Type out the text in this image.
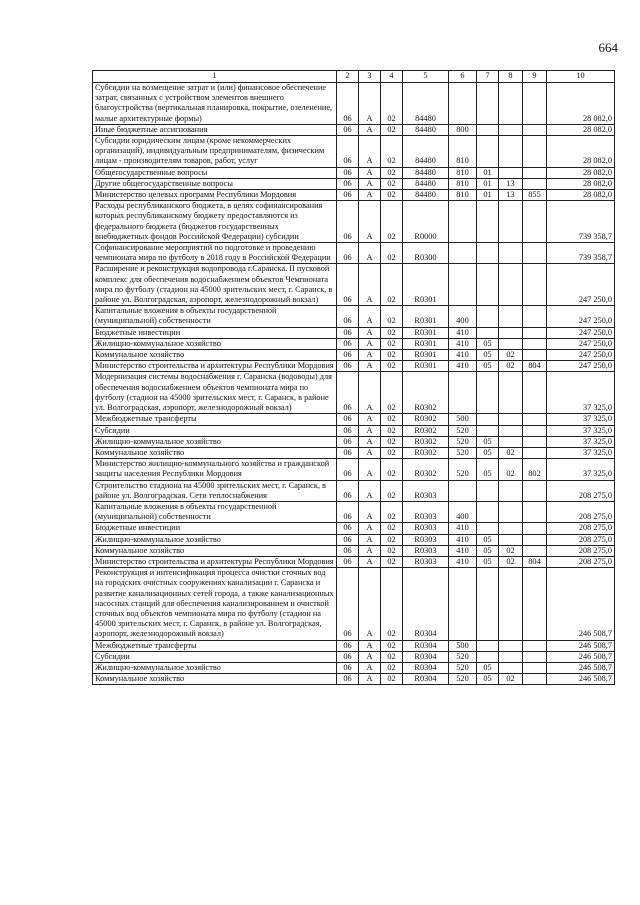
664
1	2	3	4	5	6	7	8	9	10
Субсидии на возмещение затрат и (или) финансовое обеспечение затрат, связанных с устройством элементов внешнего благоустройства (вертикальная планировка, покрытие, озеленение, малые архитектурные формы)	06	А	02	84480					28 082,0
Иные бюджетные ассигнования	06	А	02	84480	800				28 082,0
Субсидии юридическим лицам (кроме некоммерческих организаций), индивидуальным предпринимателям, физическим лицам - производителям товаров, работ, услуг	06	А	02	84480	810				28 082,0
Общегосударственные вопросы	06	А	02	84480	810	01			28 082,0
Другие общегосударственные вопросы	06	А	02	84480	810	01	13		28 082,0
Министерство целевых программ Республики Мордовия	06	А	02	84480	810	01	13	855	28 082,0
Расходы республиканского бюджета, в целях софинансирования которых республиканскому бюджету предоставляются из федерального бюджета (бюджетов государственных внебюджетных фондов Российской Федерации) субсидии	06	А	02	R0000					739 358,7
Софинансирование мероприятий по подготовке и проведению чемпионата мира по футболу в 2018 году в Российской Федерации	06	А	02	R0300					739 358,7
Расширение и реконструкция водопровода г.Саранска. II пусковой комплекс для обеспечения водоснабжением объектов Чемпионата мира по футболу (стадион на 45000 зрительских мест, г. Саранск, в районе ул. Волгоградская, аэропорт, железнодорожный вокзал)	06	А	02	R0301					247 250,0
Капитальные вложения в объекты государственной (муниципальной) собственности	06	А	02	R0301	400				247 250,0
Бюджетные инвестиции	06	А	02	R0301	410				247 250,0
Жилищно-коммунальное хозяйство	06	А	02	R0301	410	05			247 250,0
Коммунальное хозяйство	06	А	02	R0301	410	05	02		247 250,0
Министерство строительства и архитектуры Республики Мордовия	06	А	02	R0301	410	05	02	804	247 250,0
Модернизация системы водоснабжения г. Саранска (водоводы) для обеспечения водоснабжением объектов чемпионата мира по футболу (стадион на 45000 зрительских мест, г. Саранск, в районе ул. Волгоградская, аэропорт, железнодорожный вокзал)	06	А	02	R0302					37 325,0
Межбюджетные трансферты	06	А	02	R0302	500				37 325,0
Субсидии	06	А	02	R0302	520				37 325,0
Жилищно-коммунальное хозяйство	06	А	02	R0302	520	05			37 325,0
Коммунальное хозяйство	06	А	02	R0302	520	05	02		37 325,0
Министерство жилищно-коммунального хозяйства и гражданской защиты населения Республики Мордовия	06	А	02	R0302	520	05	02	802	37 325,0
Строительство стадиона на 45000 зрительских мест, г. Саранск, в районе ул. Волгоградская. Сети теплоснабжения	06	А	02	R0303					208 275,0
Капитальные вложения в объекты государственной (муниципальной) собственности	06	А	02	R0303	400				208 275,0
Бюджетные инвестиции	06	А	02	R0303	410				208 275,0
Жилищно-коммунальное хозяйство	06	А	02	R0303	410	05			208 275,0
Коммунальное хозяйство	06	А	02	R0303	410	05	02		208 275,0
Министерство строительства и архитектуры Республики Мордовия	06	А	02	R0303	410	05	02	804	208 275,0
Реконструкция и интенсификация процесса очистки сточных вод на городских очистных сооружениях канализации г. Саранска и развитие канализационных сетей города, а также канализационных насосных станций для обеспечения канализированием и очисткой сточных вод объектов чемпионата мира по футболу (стадион на 45000 зрительских мест, г. Саранск, в районе ул. Волгоградская, аэропорт, железнодорожный вокзал)	06	А	02	R0304					246 508,7
Межбюджетные трансферты	06	А	02	R0304	500				246 508,7
Субсидии	06	А	02	R0304	520				246 508,7
Жилищно-коммунальное хозяйство	06	А	02	R0304	520	05			246 508,7
Коммунальное хозяйство	06	А	02	R0304	520	05	02		246 508,7
